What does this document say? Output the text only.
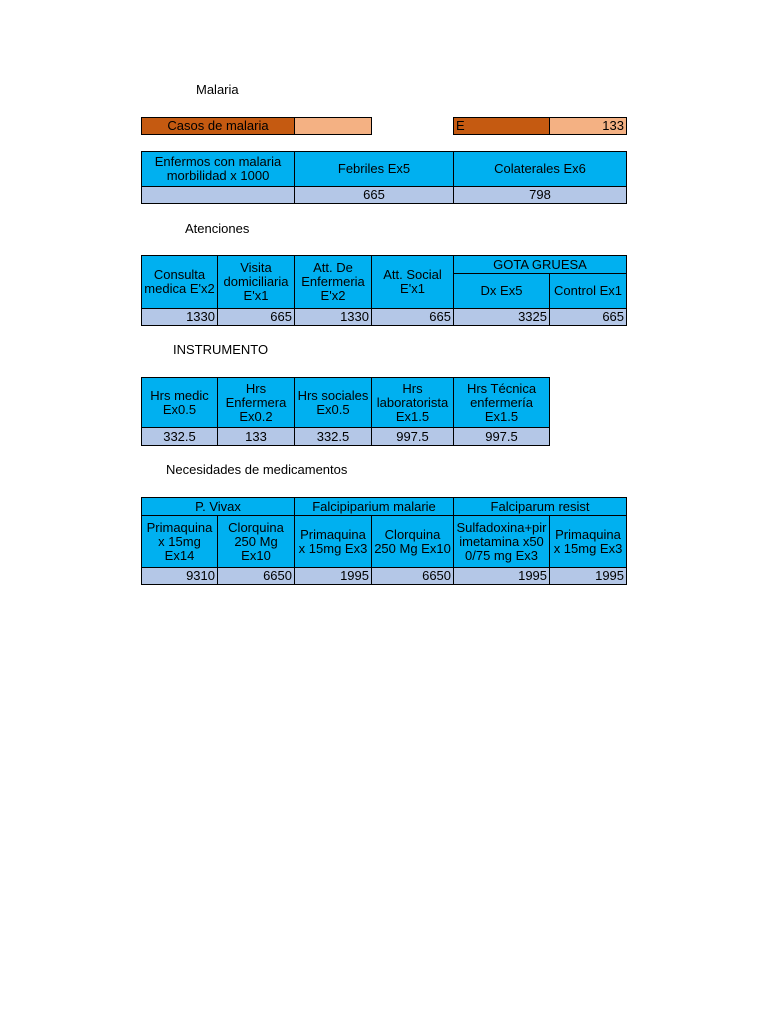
Malaria
Casos de malaria		E	133
Enfermos con malaria morbilidad x 1000	Febriles Ex5	Colaterales Ex6
	665	798
Atenciones
Consulta medica E'x2	Visita domiciliaria E'x1	Att. De Enfermeria E'x2	Att. Social E'x1	GOTA GRUESA	
				Dx Ex5	Control Ex1
1330	665	1330	665	3325	665
INSTRUMENTO
Hrs medic Ex0.5	Hrs Enfermera Ex0.2	Hrs sociales Ex0.5	Hrs laboratorista Ex1.5	Hrs Técnica enfermería Ex1.5
332.5	133	332.5	997.5	997.5
Necesidades de medicamentos
P. Vivax		Falcipiparium malarie		Falciparum resist	
Primaquina x 15mg Ex14	Clorquina 250 Mg Ex10	Primaquina x 15mg Ex3	Clorquina 250 Mg Ex10	Sulfadoxina+pirimetamina x500/75 mg Ex3	Primaquina x 15mg Ex3
9310	6650	1995	6650	1995	1995
